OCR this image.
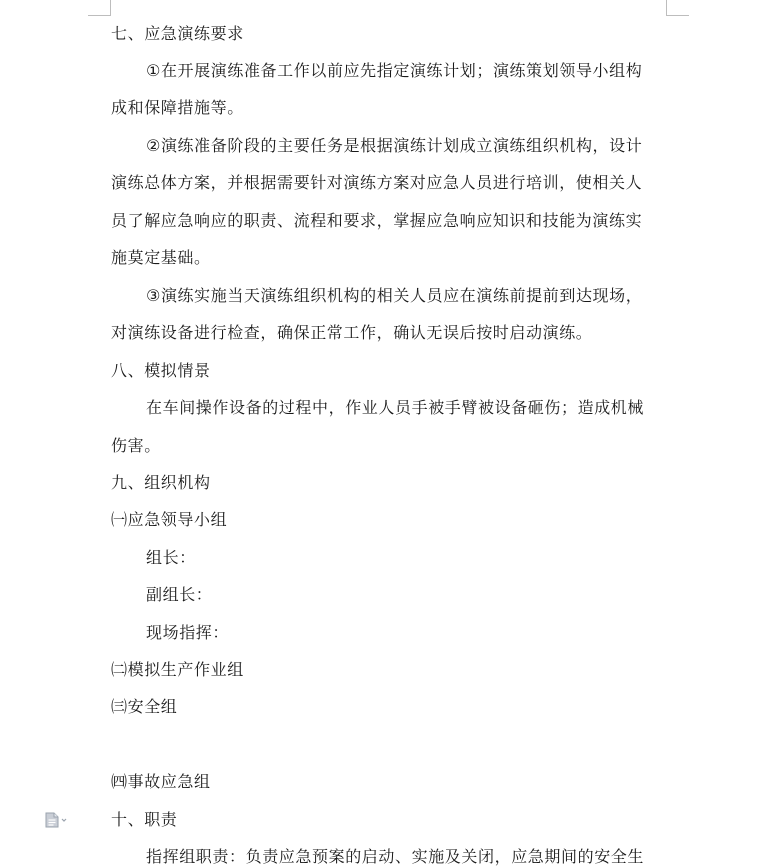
七、应急演练要求
①在开展演练准备工作以前应先指定演练计划；演练策划领导小组构
成和保障措施等。
②演练准备阶段的主要任务是根据演练计划成立演练组织机构，设计
演练总体方案，并根据需要针对演练方案对应急人员进行培训，使相关人
员了解应急响应的职责、流程和要求，掌握应急响应知识和技能为演练实
施莫定基础。
③演练实施当天演练组织机构的相关人员应在演练前提前到达现场，
对演练设备进行检查，确保正常工作，确认无误后按时启动演练。
八、模拟情景
在车间操作设备的过程中，作业人员手被手臂被设备砸伤；造成机械
伤害。
九、组织机构
㈠应急领导小组
组长：
副组长：
现场指挥：
㈡模拟生产作业组
㈢安全组
㈣事故应急组
十、职责
指挥组职责：负责应急预案的启动、实施及关闭，应急期间的安全生
